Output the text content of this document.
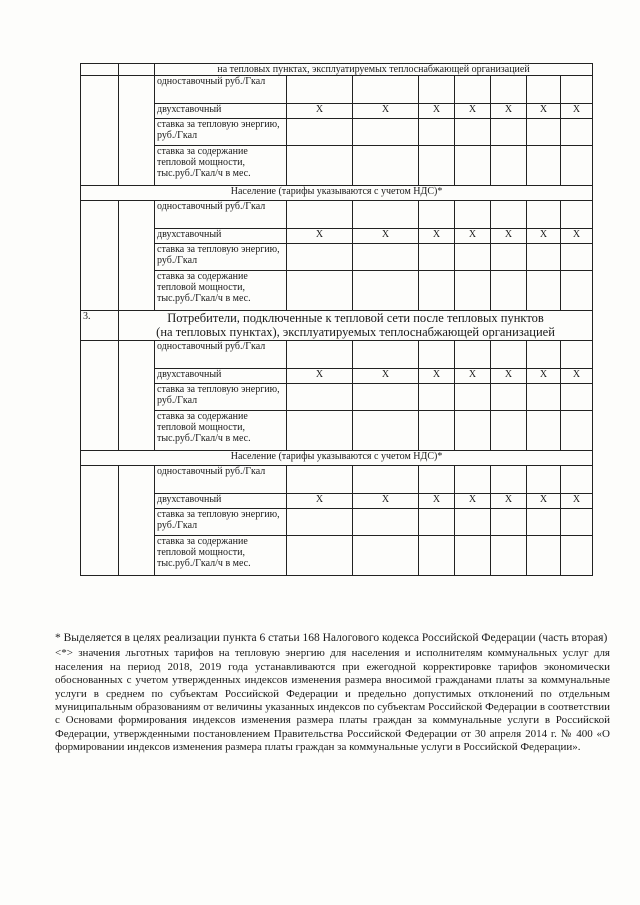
		на тепловых пунктах, эксплуатируемых теплоснабжающей организацией							
		одноставочный руб./Гкал							
		двухставочный	X	X	X	X	X	X	X
		ставка за тепловую энергию, руб./Гкал							
		ставка за содержание тепловой мощности, тыс.руб./Гкал/ч в мес.							
Население (тарифы указываются с учетом НДС)*									
		одноставочный руб./Гкал							
		двухставочный	X	X	X	X	X	X	X
		ставка за тепловую энергию, руб./Гкал							
		ставка за содержание тепловой мощности, тыс.руб./Гкал/ч в мес.							
3.	Потребители, подключенные к тепловой сети после тепловых пунктов
(на тепловых пунктах), эксплуатируемых теплоснабжающей организацией								

		одноставочный руб./Гкал							
		двухставочный	X	X	X	X	X	X	X
		ставка за тепловую энергию, руб./Гкал							
		ставка за содержание тепловой мощности, тыс.руб./Гкал/ч в мес.							
Население (тарифы указываются с учетом НДС)*									
		одноставочный руб./Гкал							
		двухставочный	X	X	X	X	X	X	X
		ставка за тепловую энергию, руб./Гкал							
		ставка за содержание тепловой мощности, тыс.руб./Гкал/ч в мес.							

* Выделяется в целях реализации пункта 6 статьи 168 Налогового кодекса Российской Федерации (часть вторая)

<*> значения льготных тарифов на тепловую энергию для населения и исполнителям коммунальных услуг для населения на период 2018, 2019 года устанавливаются при ежегодной корректировке тарифов экономически обоснованных с учетом утвержденных индексов изменения размера вносимой гражданами платы за коммунальные услуги в среднем по субъектам Российской Федерации и предельно допустимых отклонений по отдельным муниципальным образованиям от величины указанных индексов по субъектам Российской Федерации в соответствии с Основами формирования индексов изменения размера платы граждан за коммунальные услуги в Российской Федерации, утвержденными постановлением Правительства Российской Федерации от 30 апреля 2014 г. № 400 «О формировании индексов изменения размера платы граждан за коммунальные услуги в Российской Федерации».
